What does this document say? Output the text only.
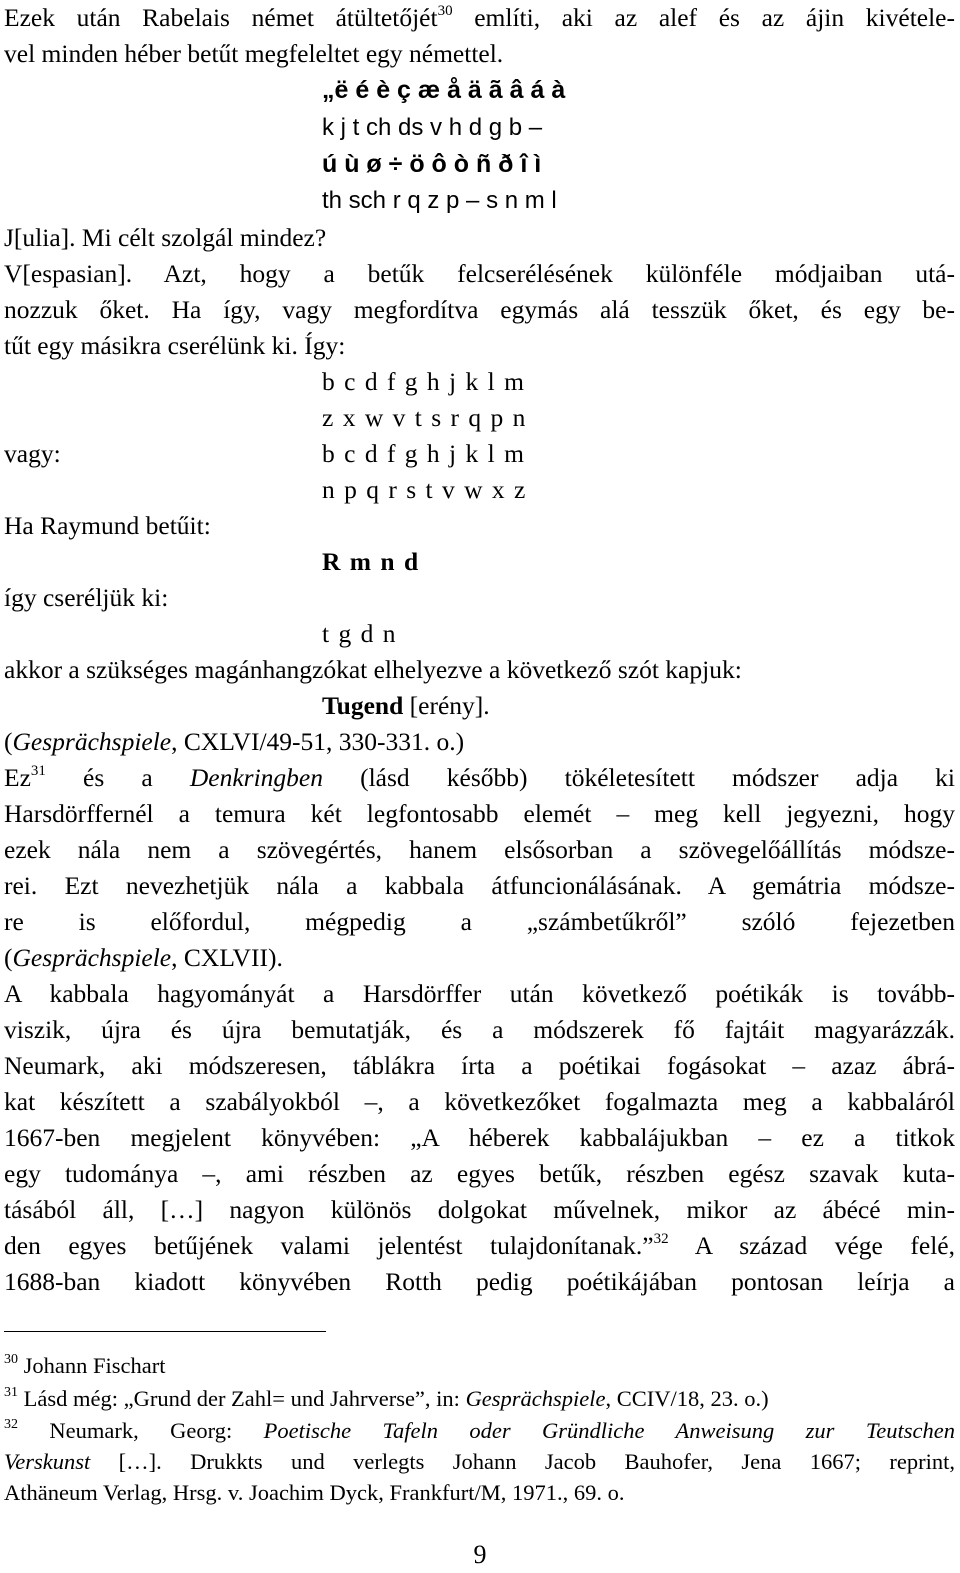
Ezek után Rabelais német átültetőjét$^{30}$ említi, aki az alef és az ájin kivétele-
vel minden héber betűt megfeleltet egy némettel.
„ë é è ç æ å ä ã â á à
k j t ch ds v h d g b –
ú ù ø ÷ ö ô ò ñ ð î ì
th sch r q z p – s n m l
J[ulia]. Mi célt szolgál mindez?
V[espasian]. Azt, hogy a betűk felcserélésének különféle módjaiban utá-
nozzuk őket. Ha így, vagy megfordítva egymás alá tesszük őket, és egy be-
tűt egy másikra cserélünk ki. Így:
b c d f g h j k l m
z x w v t s r q p n
vagy:	b c d f g h j k l m
n p q r s t v w x z
Ha Raymund betűit:
R m n d
így cseréljük ki:
t g d n
akkor a szükséges magánhangzókat elhelyezve a következő szót kapjuk:
Tugend [erény].
(Gesprächspiele, CXLVI/49-51, 330-331. o.)
Ez$^{31}$ és a Denkringben (lásd később) tökéletesített módszer adja ki
Harsdörffernél a temura két legfontosabb elemét – meg kell jegyezni, hogy
ezek nála nem a szövegértés, hanem elsősorban a szövegelőállítás módsze-
rei. Ezt nevezhetjük nála a kabbala átfuncionálásának. A gemátria módsze-
re is előfordul, mégpedig a „számbetűkről” szóló fejezetben
(Gesprächspiele, CXLVII).
A kabbala hagyományát a Harsdörffer után következő poétikák is tovább-
viszik, újra és újra bemutatják, és a módszerek fő fajtáit magyarázzák.
Neumark, aki módszeresen, táblákra írta a poétikai fogásokat – azaz ábrá-
kat készített a szabályokból –, a következőket fogalmazta meg a kabbaláról
1667-ben megjelent könyvében: „A héberek kabbalájukban – ez a titkok
egy tudománya –, ami részben az egyes betűk, részben egész szavak kuta-
tásából áll, […] nagyon különös dolgokat művelnek, mikor az ábécé min-
den egyes betűjének valami jelentést tulajdonítanak.”$^{32}$ A század vége felé,
1688-ban kiadott könyvében Rotth pedig poétikájában pontosan leírja a
$^{30}$ Johann Fischart
$^{31}$ Lásd még: „Grund der Zahl= und Jahrverse”, in: Gesprächspiele, CCIV/18, 23. o.)
$^{32}$ Neumark, Georg: Poetische Tafeln oder Gründliche Anweisung zur Teutschen
Verskunst […]. Drukkts und verlegts Johann Jacob Bauhofer, Jena 1667; reprint,
Athäneum Verlag, Hrsg. v. Joachim Dyck, Frankfurt/M, 1971., 69. o.
9
